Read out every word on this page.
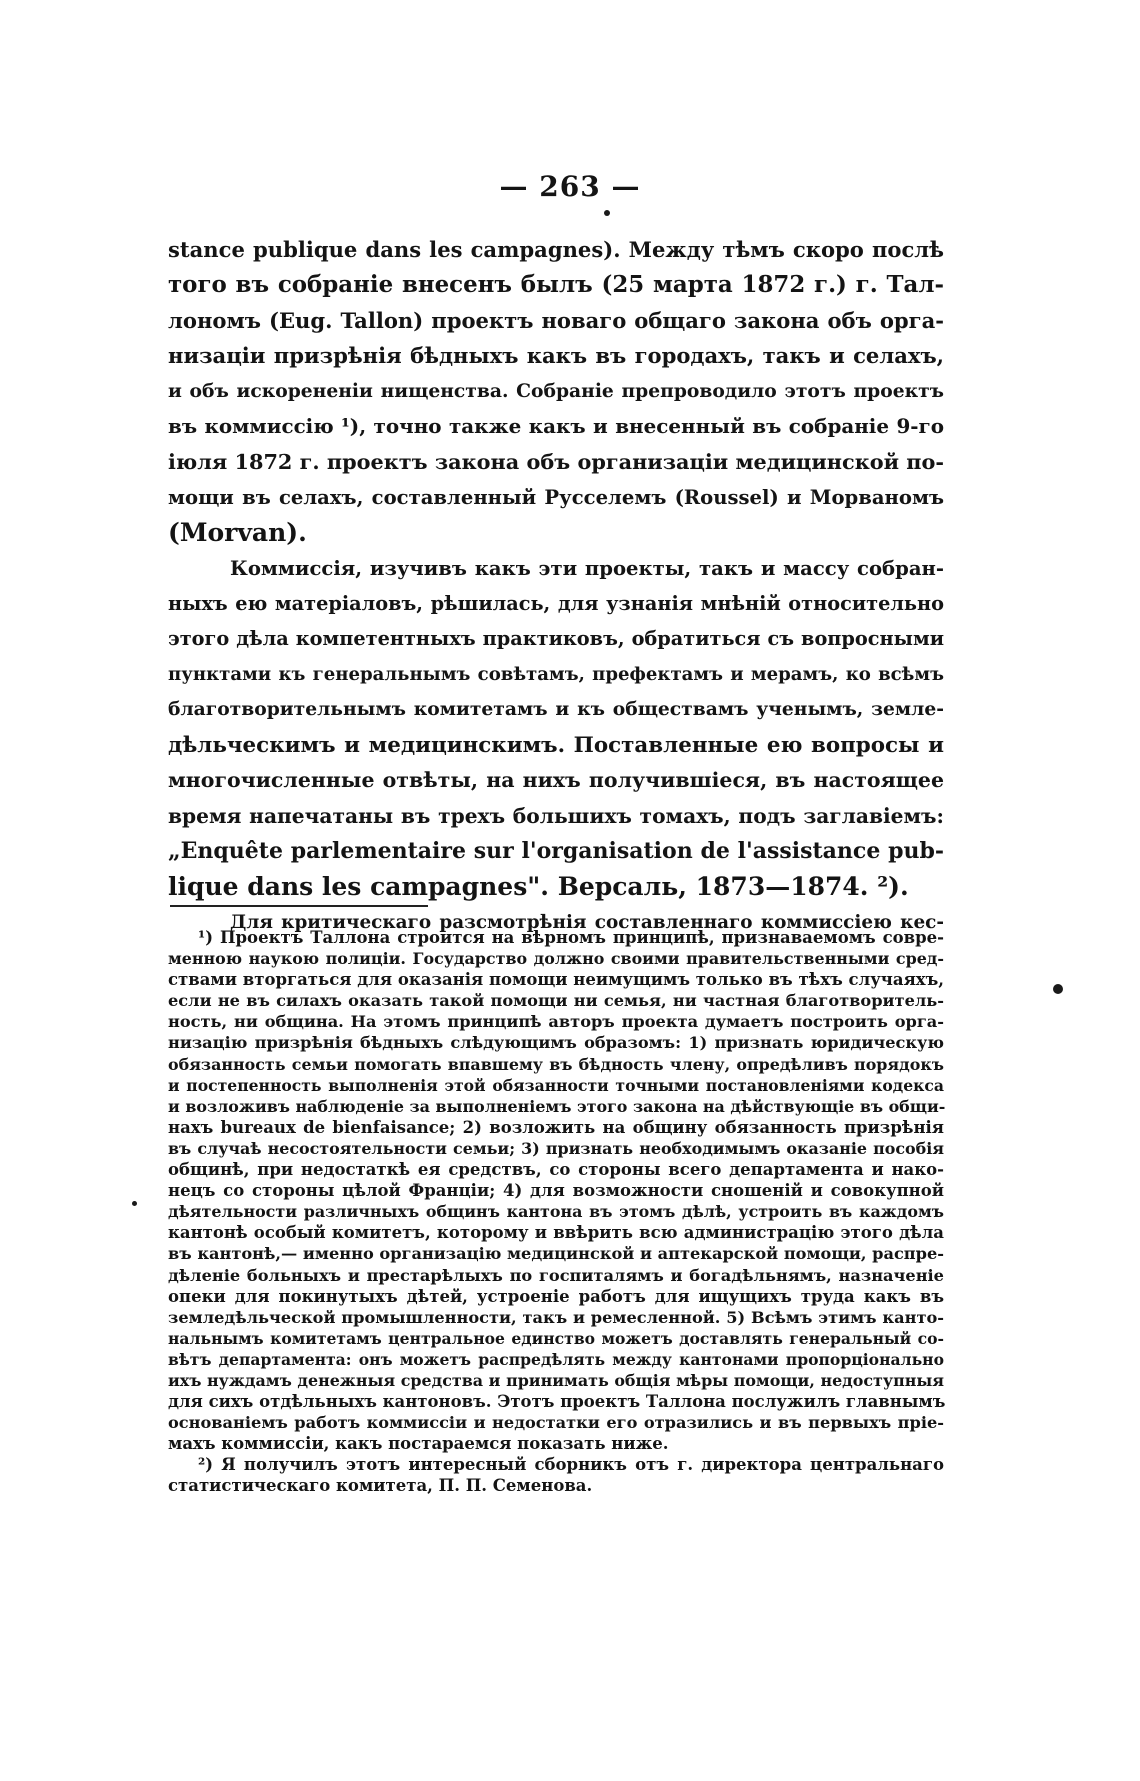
— 263 —
stance publique dans les campagnes). Между тѣмъ скоро послѣ
того въ собраніе внесенъ былъ (25 марта 1872 г.) г. Тал-
лономъ (Eug. Tallon) проектъ новаго общаго закона объ орга-
низаціи призрѣнія бѣдныхъ какъ въ городахъ, такъ и селахъ,
и объ искорененіи нищенства. Собраніе препроводило этотъ проектъ
въ коммиссію ¹), точно также какъ и внесенный въ собраніе 9-го
іюля 1872 г. проектъ закона объ организаціи медицинской по-
мощи въ селахъ, составленный Русселемъ (Roussel) и Морваномъ
(Morvan).
Коммиссія, изучивъ какъ эти проекты, такъ и массу собран-
ныхъ ею матеріаловъ, рѣшилась, для узнанія мнѣній относительно
этого дѣла компетентныхъ практиковъ, обратиться съ вопросными
пунктами къ генеральнымъ совѣтамъ, префектамъ и мерамъ, ко всѣмъ
благотворительнымъ комитетамъ и къ обществамъ ученымъ, земле-
дѣльческимъ и медицинскимъ. Поставленные ею вопросы и
многочисленные отвѣты, на нихъ получившіеся, въ настоящее
время напечатаны въ трехъ большихъ томахъ, подъ заглавіемъ:
„Enquête parlementaire sur l'organisation de l'assistance pub-
lique dans les campagnes". Версаль, 1873—1874. ²).
Для критическаго разсмотрѣнія составленнаго коммиссіею кес-
¹) Проектъ Таллона строится на вѣрномъ принципѣ, признаваемомъ совре-
менною наукою полиціи. Государство должно своими правительственными сред-
ствами вторгаться для оказанія помощи неимущимъ только въ тѣхъ случаяхъ,
если не въ силахъ оказать такой помощи ни семья, ни частная благотворитель-
ность, ни община. На этомъ принципѣ авторъ проекта думаетъ построить орга-
низацію призрѣнія бѣдныхъ слѣдующимъ образомъ: 1) признать юридическую
обязанность семьи помогать впавшему въ бѣдность члену, опредѣливъ порядокъ
и постепенность выполненія этой обязанности точными постановленіями кодекса
и возложивъ наблюденіе за выполненіемъ этого закона на дѣйствующіе въ общи-
нахъ bureaux de bienfaisance; 2) возложить на общину обязанность призрѣнія
въ случаѣ несостоятельности семьи; 3) признать необходимымъ оказаніе пособія
общинѣ, при недостаткѣ ея средствъ, со стороны всего департамента и нако-
нецъ со стороны цѣлой Франціи; 4) для возможности сношеній и совокупной
дѣятельности различныхъ общинъ кантона въ этомъ дѣлѣ, устроить въ каждомъ
кантонѣ особый комитетъ, которому и ввѣрить всю администрацію этого дѣла
въ кантонѣ,— именно организацію медицинской и аптекарской помощи, распре-
дѣленіе больныхъ и престарѣлыхъ по госпиталямъ и богадѣльнямъ, назначеніе
опеки для покинутыхъ дѣтей, устроеніе работъ для ищущихъ труда какъ въ
земледѣльческой промышленности, такъ и ремесленной. 5) Всѣмъ этимъ канто-
нальнымъ комитетамъ центральное единство можетъ доставлять генеральный со-
вѣтъ департамента: онъ можетъ распредѣлять между кантонами пропорціонально
ихъ нуждамъ денежныя средства и принимать общія мѣры помощи, недоступныя
для сихъ отдѣльныхъ кантоновъ. Этотъ проектъ Таллона послужилъ главнымъ
основаніемъ работъ коммиссіи и недостатки его отразились и въ первыхъ пріе-
махъ коммиссіи, какъ постараемся показать ниже.
²) Я получилъ этотъ интересный сборникъ отъ г. директора центральнаго
статистическаго комитета, П. П. Семенова.
